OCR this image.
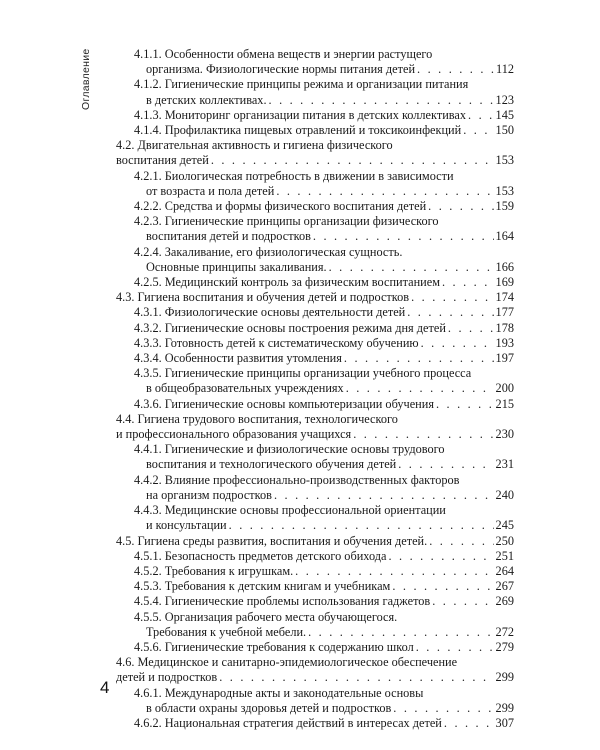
Оглавление	4.1.1. Особенности обмена веществ и энергии растущего
организма. Физиологические нормы питания детей . . .	112
4.1.2. Гигиенические принципы режима и организации питания
в детских коллективах. . . .	123
4.1.3. Мониторинг организации питания в детских коллективах . . . 145
4.1.4. Профилактика пищевых отравлений и токсикоинфекций . . .	150
4.2. Двигательная активность и гигиена физического
воспитания детей . . .	153
4.2.1. Биологическая потребность в движении в зависимости
от возраста и пола детей . . .	153
4.2.2. Средства и формы физического воспитания детей . . .	159
4.2.3. Гигиенические принципы организации физического
воспитания детей и подростков . . .	164
4.2.4. Закаливание, его физиологическая сущность.
Основные принципы закаливания. . . .	166
4.2.5. Медицинский контроль за физическим воспитанием . . .	169
4.3. Гигиена воспитания и обучения детей и подростков . . .	174
4.3.1. Физиологические основы деятельности детей . . .	177
4.3.2. Гигиенические основы построения режима дня детей . . .	178
4.3.3. Готовность детей к систематическому обучению . . .	193
4.3.4. Особенности развития утомления . . .	197
4.3.5. Гигиенические принципы организации учебного процесса
в общеобразовательных учреждениях . . .	200
4.3.6. Гигиенические основы компьютеризации обучения . . .	215
4.4. Гигиена трудового воспитания, технологического
и профессионального образования учащихся . . .	230
4.4.1. Гигиенические и физиологические основы трудового
воспитания и технологического обучения детей . . .	231
4.4.2. Влияние профессионально-производственных факторов
на организм подростков . . .	240
4.4.3. Медицинские основы профессиональной ориентации
и консультации . . .	245
4.5. Гигиена среды развития, воспитания и обучения детей. . . .	250
4.5.1. Безопасность предметов детского обихода . . .	251
4.5.2. Требования к игрушкам. . . .	264
4.5.3. Требования к детским книгам и учебникам . . .	267
4.5.4. Гигиенические проблемы использования гаджетов . . .	269
4.5.5. Организация рабочего места обучающегося.
Требования к учебной мебели. . . .	272
4.5.6. Гигиенические требования к содержанию школ . . .	279
4.6. Медицинское и санитарно-эпидемиологическое обеспечение
детей и подростков . . .	299
4.6.1. Международные акты и законодательные основы
в области охраны здоровья детей и подростков . . .	299
4.6.2. Национальная стратегия действий в интересах детей . . .	307
4
